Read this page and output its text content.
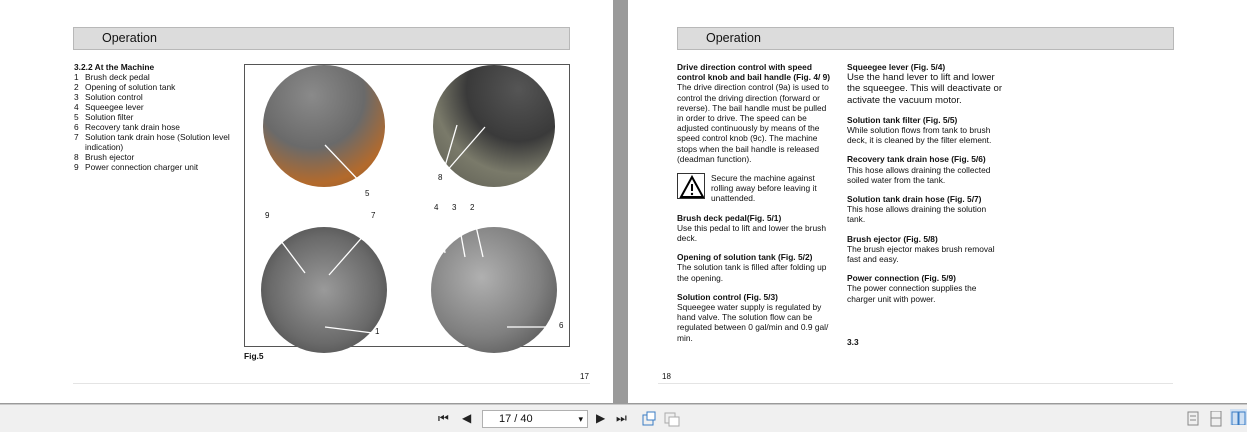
Operation
3.2.2 At the Machine
1 Brush deck pedal
2 Opening of solution tank
3 Solution control
4 Squeegee lever
5 Solution filter
6 Recovery tank drain hose
7 Solution tank drain hose (Solution level indication)
8 Brush ejector
9 Power connection charger unit
5
8
9	7
4 3 2
1
6
Fig.5
17
Operation
Drive direction control with speed control knob and bail handle (Fig. 4/ 9)

The drive direction control (9a) is used to control the driving direction (forward or reverse). The bail handle must be pulled in order to drive. The speed can be adjusted continuously by means of the speed control knob (9c). The machine stops when the bail handle is released (deadman function).

Secure the machine against rolling away before leaving it unattended.

Brush deck pedal(Fig. 5/1)

Use this pedal to lift and lower the brush deck.

Opening of solution tank (Fig. 5/2)

The solution tank is filled after folding up the opening.

Solution control (Fig. 5/3)

Squeegee water supply is regulated by hand valve. The solution flow can be regulated between 0 gal/min and 0.9 gal/ min.

Squeegee lever (Fig. 5/4)

Use the hand lever to lift and lower the squeegee. This will deactivate or activate the vacuum motor.

Solution tank filter (Fig. 5/5)

While solution flows from tank to brush deck, it is cleaned by the filter element.

Recovery tank drain hose (Fig. 5/6)

This hose allows draining the collected soiled water from the tank.

Solution tank drain hose (Fig. 5/7)

This hose allows draining the solution tank.

Brush ejector (Fig. 5/8)

The brush ejector makes brush removal fast and easy.

Power connection (Fig. 5/9)

The power connection supplies the charger unit with power.

3.3
18
⏮ ◀	17 / 40	▾ ▶ ⏭
